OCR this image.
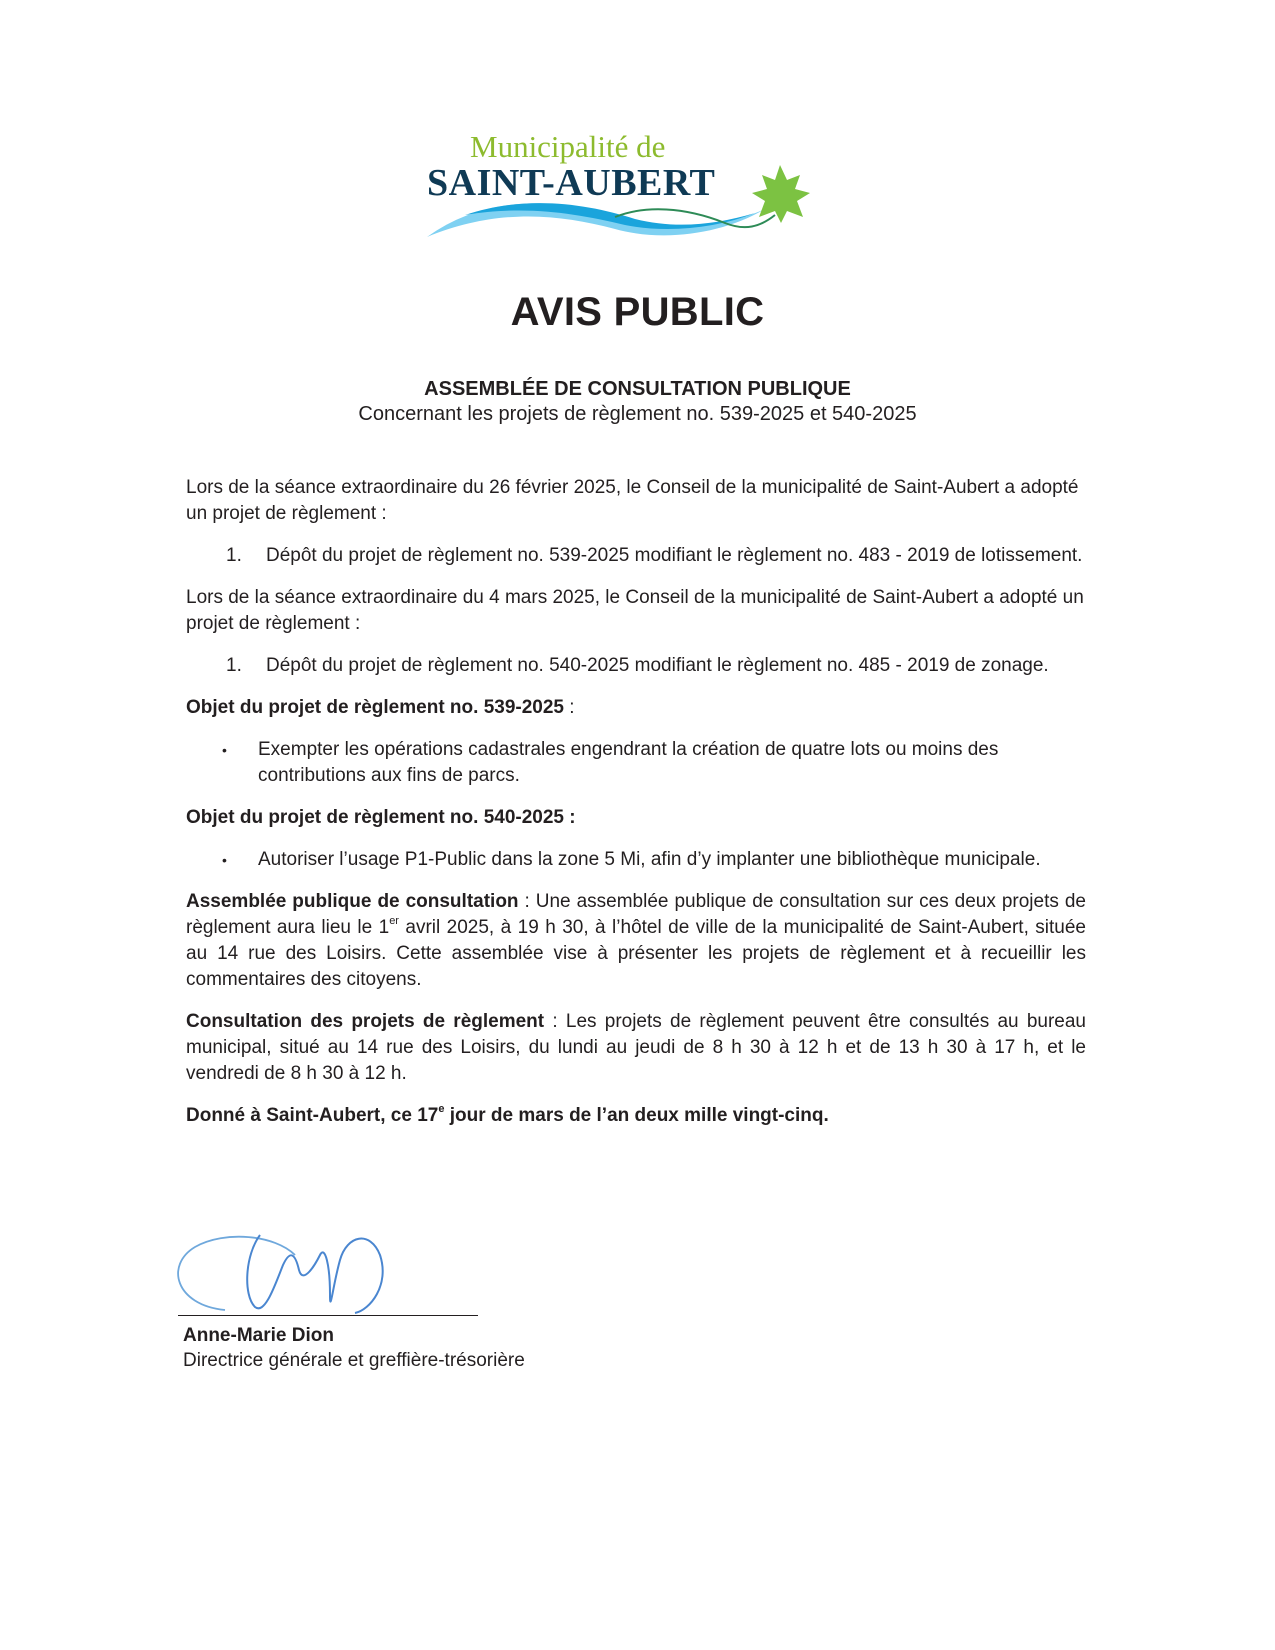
Municipalité de
SAINT-AUBERT
AVIS PUBLIC
ASSEMBLÉE DE CONSULTATION PUBLIQUE
Concernant les projets de règlement no. 539-2025 et 540-2025

Lors de la séance extraordinaire du 26 février 2025, le Conseil de la municipalité de Saint-Aubert a adopté un projet de règlement :

1.	Dépôt du projet de règlement no. 539-2025 modifiant le règlement no. 483 - 2019 de lotissement.

Lors de la séance extraordinaire du 4 mars 2025, le Conseil de la municipalité de Saint-Aubert a adopté un projet de règlement :

1.	Dépôt du projet de règlement no. 540-2025 modifiant le règlement no. 485 - 2019 de zonage.

Objet du projet de règlement no. 539-2025 :

•	Exempter les opérations cadastrales engendrant la création de quatre lots ou moins des contributions aux fins de parcs.

Objet du projet de règlement no. 540-2025 :

•	Autoriser l’usage P1-Public dans la zone 5 Mi, afin d’y implanter une bibliothèque municipale.

Assemblée publique de consultation : Une assemblée publique de consultation sur ces deux projets de règlement aura lieu le 1er avril 2025, à 19 h 30, à l’hôtel de ville de la municipalité de Saint-Aubert, située au 14 rue des Loisirs. Cette assemblée vise à présenter les projets de règlement et à recueillir les commentaires des citoyens.

Consultation des projets de règlement : Les projets de règlement peuvent être consultés au bureau municipal, situé au 14 rue des Loisirs, du lundi au jeudi de 8 h 30 à 12 h et de 13 h 30 à 17 h, et le vendredi de 8 h 30 à 12 h.

Donné à Saint-Aubert, ce 17e jour de mars de l’an deux mille vingt-cinq.

Anne-Marie Dion
Directrice générale et greffière-trésorière
